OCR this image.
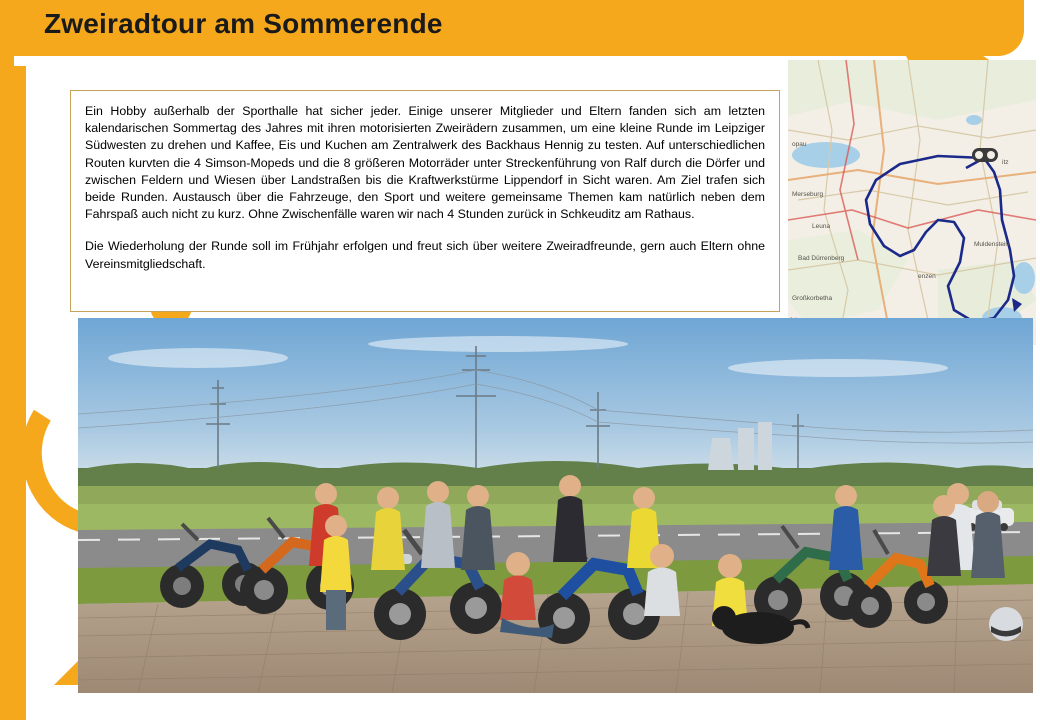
Zweiradtour am Sommerende
opau
itz
Merseburg
Leuna
Bad Dürrenberg
Großkorbetha
Muldenstein
enzen

Ein Hobby außerhalb der Sporthalle hat sicher jeder. Einige unserer Mitglieder und Eltern fanden sich am letzten kalendarischen Sommertag des Jahres mit ihren motorisierten Zweirädern zusammen, um eine kleine Runde im Leipziger Südwesten zu drehen und Kaffee, Eis und Kuchen am Zentralwerk des Backhaus Hennig zu testen. Auf unterschiedlichen Routen kurvten die 4 Simson-Mopeds und die 8 größeren Motorräder unter Streckenführung von Ralf durch die Dörfer und zwischen Feldern und Wiesen über Landstraßen bis die Kraftwerkstürme Lippendorf in Sicht waren. Am Ziel trafen sich beide Runden. Austausch über die Fahrzeuge, den Sport und weitere gemeinsame Themen kam natürlich neben dem Fahrspaß auch nicht zu kurz. Ohne Zwischenfälle waren wir nach 4 Stunden zurück in Schkeuditz am Rathaus.

Die Wiederholung der Runde soll im Frühjahr erfolgen und freut sich über weitere Zweiradfreunde, gern auch Eltern ohne Vereinsmitgliedschaft.
